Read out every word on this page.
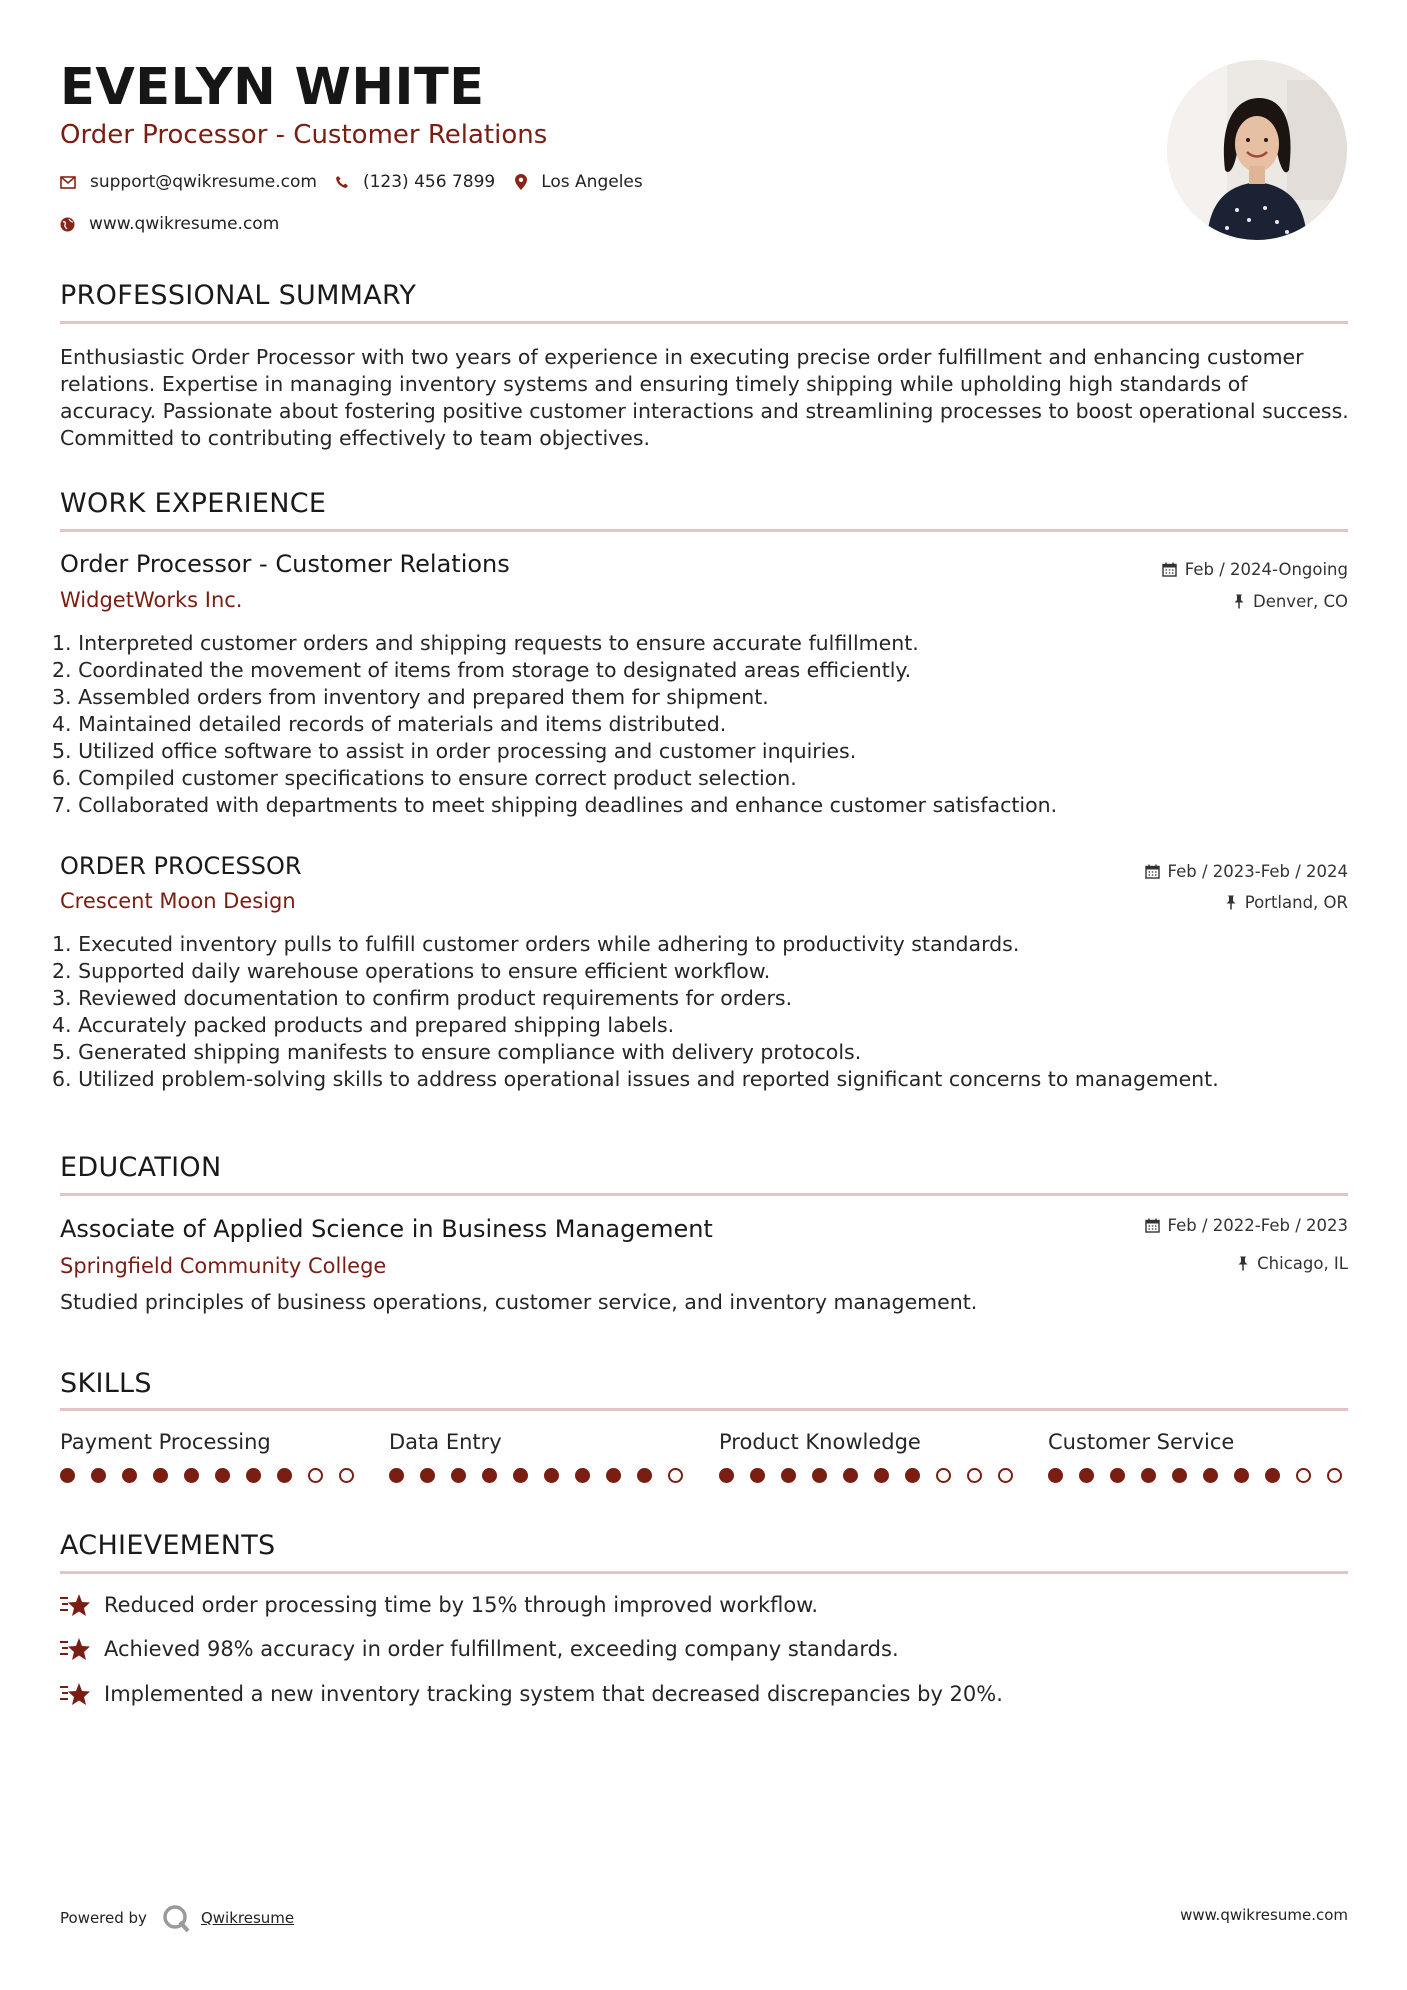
EVELYN WHITE
Order Processor - Customer Relations
support@qwikresume.com	(123) 456 7899	Los Angeles
www.qwikresume.com
PROFESSIONAL SUMMARY
Enthusiastic Order Processor with two years of experience in executing precise order fulfillment and enhancing customer relations. Expertise in managing inventory systems and ensuring timely shipping while upholding high standards of accuracy. Passionate about fostering positive customer interactions and streamlining processes to boost operational success. Committed to contributing effectively to team objectives.
WORK EXPERIENCE
Order Processor - Customer Relations
WidgetWorks Inc.
Feb / 2024-Ongoing
Denver, CO
1. Interpreted customer orders and shipping requests to ensure accurate fulfillment.
2. Coordinated the movement of items from storage to designated areas efficiently.
3. Assembled orders from inventory and prepared them for shipment.
4. Maintained detailed records of materials and items distributed.
5. Utilized office software to assist in order processing and customer inquiries.
6. Compiled customer specifications to ensure correct product selection.
7. Collaborated with departments to meet shipping deadlines and enhance customer satisfaction.
ORDER PROCESSOR
Crescent Moon Design
Feb / 2023-Feb / 2024
Portland, OR
1. Executed inventory pulls to fulfill customer orders while adhering to productivity standards.
2. Supported daily warehouse operations to ensure efficient workflow.
3. Reviewed documentation to confirm product requirements for orders.
4. Accurately packed products and prepared shipping labels.
5. Generated shipping manifests to ensure compliance with delivery protocols.
6. Utilized problem-solving skills to address operational issues and reported significant concerns to management.
EDUCATION
Associate of Applied Science in Business Management
Springfield Community College
Feb / 2022-Feb / 2023
Chicago, IL
Studied principles of business operations, customer service, and inventory management.
SKILLS
Payment Processing	Data Entry	Product Knowledge	Customer Service
ACHIEVEMENTS
Reduced order processing time by 15% through improved workflow.
Achieved 98% accuracy in order fulfillment, exceeding company standards.
Implemented a new inventory tracking system that decreased discrepancies by 20%.
Powered by	Qwikresume	www.qwikresume.com
